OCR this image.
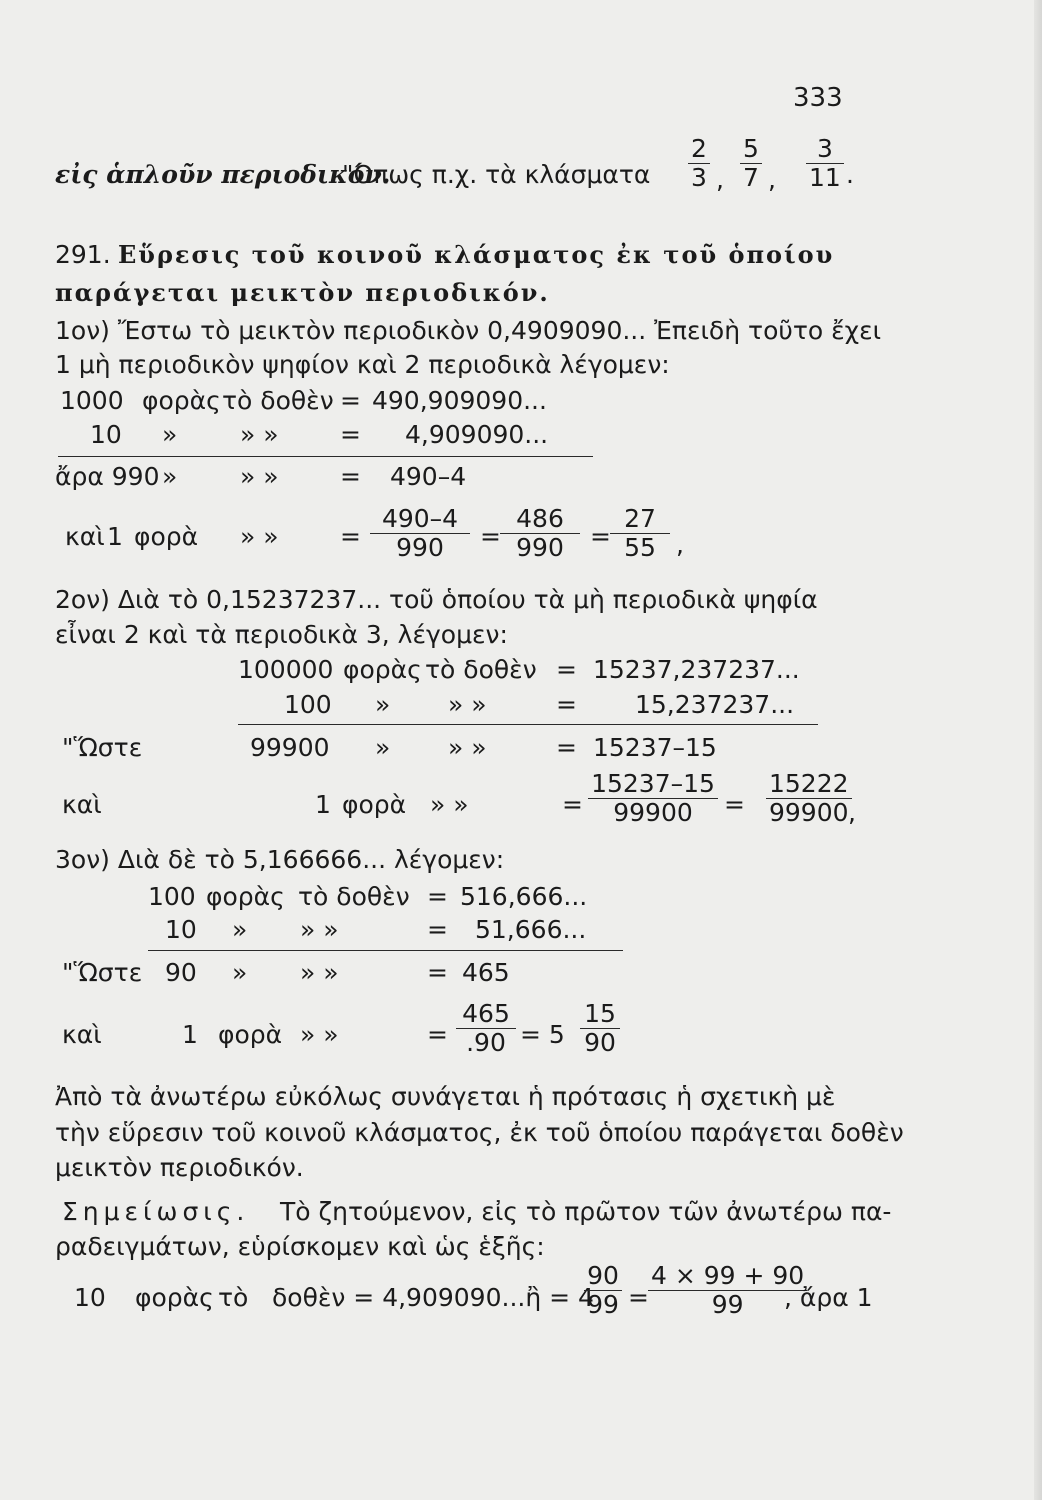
333
εἰς ἁπλοῦν περιοδικόν.
"Οπως π.χ. τὰ κλάσματα $\frac{2}{3}$ , $\frac{5}{7}$ , $\frac{3}{11}$ .
291. Εὕρεσις τοῦ κοινοῦ κλάσματος ἐκ τοῦ ὁποίου
παράγεται μεικτὸν περιοδικόν.
1ον) Ἔστω τὸ μεικτὸν περιοδικὸν 0,4909090... Ἐπειδὴ τοῦτο ἔχει
1 μὴ περιοδικὸν ψηφίον καὶ 2 περιοδικὰ λέγομεν:
1000 φορὰς τὸ δοθὲν = 490,909090...
10 »	» » = 4,909090...
ἄρα 990 »	» » = 490–4
καὶ 1 φορὰ » » = $\frac{490-4}{990} = \frac{486}{990} = \frac{27}{55}$ ,
2ον) Διὰ τὸ 0,15237237... τοῦ ὁποίου τὰ μὴ περιοδικὰ ψηφία
εἶναι 2 καὶ τὰ περιοδικὰ 3, λέγομεν:
100000 φορὰς τὸ δοθὲν = 15237,237237...
100 » » »	= 15,237237...
"Ὥστε	99900 » » »	= 15237–15
καὶ	1 φορὰ » »	= $\frac{15237-15}{99900} = \frac{15222}{99900}$
,
3ον) Διὰ δὲ τὸ 5,166666... λέγομεν:
100 φορὰς τὸ δοθὲν = 516,666...
10 » » »	= 51,666...
"Ὥστε 90 » » »	= 465
καὶ	1 φορὰ » »	= $\frac{465}{.90} = 5 \frac{15}{90}$
Ἀπὸ τὰ ἀνωτέρω εὐκόλως συνάγεται ἡ πρότασις ἡ σχετικὴ μὲ
τὴν εὕρεσιν τοῦ κοινοῦ κλάσματος, ἐκ τοῦ ὁποίου παράγεται δοθὲν
μεικτὸν περιοδικόν.
Σημείωσις. Τὸ ζητούμενον, εἰς τὸ πρῶτον τῶν ἀνωτέρω πα-
ραδειγμάτων, εὑρίσκομεν καὶ ὡς ἑξῆς:
10 φορὰς τὸ δοθὲν = 4,909090...ἢ = 4
$\frac{90}{99} = \frac{4 \times 99 + 90}{99}$
, ἄρα 1
